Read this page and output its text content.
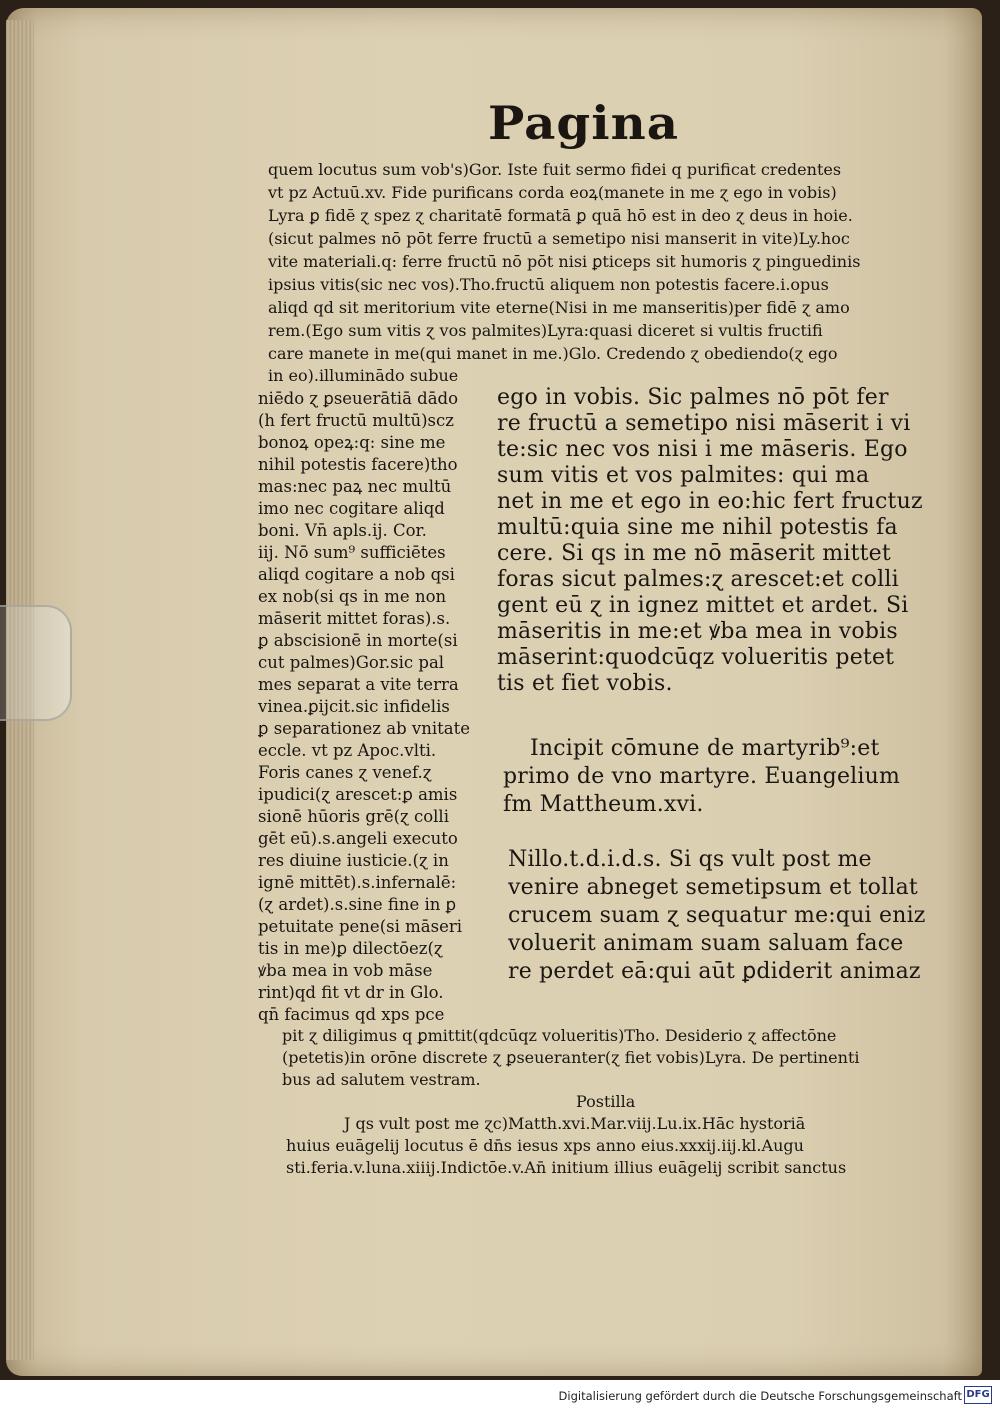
Pagina
quem locutus sum vob's)Gor. Iste fuit sermo fidei q purificat credentes
vt pz Actuū.xv. Fide purificans corda eoꝝ(manete in me ɀ ego in vobis)
Lyra ꝑ fidē ɀ spez ɀ charitatē formatā ꝑ quā hō est in deo ɀ deus in hoie.
(sicut palmes nō pōt ferre fructū a semetipo nisi manserit in vite)Ly.hoc
vite materiali.q: ferre fructū nō pōt nisi ꝑticeps sit humoris ɀ pinguedinis
ipsius vitis(sic nec vos).Tho.fructū aliquem non potestis facere.i.opus
aliqd qd sit meritorium vite eterne(Nisi in me manseritis)per fidē ɀ amo
rem.(Ego sum vitis ɀ vos palmites)Lyra:quasi diceret si vultis fructifi
care manete in me(qui manet in me.)Glo. Credendo ɀ obediendo(ɀ ego
in eo).illuminādo subue
niēdo ɀ ꝑseuerātiā dādo
(h fert fructū multū)scz
bonoꝝ opeꝝ:q: sine me
nihil potestis facere)tho
mas:nec paꝝ nec multū
imo nec cogitare aliqd
boni. Vn̄ apls.ij. Cor.
iij. Nō sum⁹ sufficiētes
aliqd cogitare a nob qsi
ex nob(si qs in me non
māserit mittet foras).s.
ꝑ abscisionē in morte(si
cut palmes)Gor.sic pal
mes separat a vite terra
vinea.ꝑijcit.sic infidelis
ꝑ separationez ab vnitate
eccle. vt pz Apoc.vlti.
Foris canes ɀ venef.ɀ
ipudici(ɀ arescet:ꝑ amis
sionē hūoris grē(ɀ colli
gēt eū).s.angeli executo
res diuine iusticie.(ɀ in
ignē mittēt).s.infernalē:
(ɀ ardet).s.sine fine in ꝑ
petuitate pene(si māseri
tis in me)ꝑ dilectōez(ɀ
ꝟba mea in vob māse
rint)qd fit vt dr in Glo.
qn̄ facimus qd xps pce
ego in vobis. Sic palmes nō pōt fer
re fructū a semetipo nisi māserit i vi
te:sic nec vos nisi i me māseris. Ego
sum vitis et vos palmites: qui ma
net in me et ego in eo:hic fert fructuz
multū:quia sine me nihil potestis fa
cere. Si qs in me nō māserit mittet
foras sicut palmes:ɀ arescet:et colli
gent eū ɀ in ignez mittet et ardet. Si
māseritis in me:et ꝟba mea in vobis
māserint:quodcūqz volueritis petet
tis et fiet vobis.
Incipit cōmune de martyrib⁹:et
primo de vno martyre. Euangelium
fm Mattheum.xvi.
Nillo.t.d.i.d.s. Si qs vult post me
venire abneget semetipsum et tollat
crucem suam ɀ sequatur me:qui eniz
voluerit animam suam saluam face
re perdet eā:qui aūt ꝑdiderit animaz
pit ɀ diligimus q ꝑmittit(qdcūqz volueritis)Tho. Desiderio ɀ affectōne
(petetis)in orōne discrete ɀ ꝑseueranter(ɀ fiet vobis)Lyra. De pertinenti
bus ad salutem vestram.
Postilla
J qs vult post me ɀc)Matth.xvi.Mar.viij.Lu.ix.Hāc hystoriā
huius euāgelij locutus ē dn̄s iesus xps anno eius.xxxij.iij.kl.Augu
sti.feria.v.luna.xiiij.Indictōe.v.An̄ initium illius euāgelij scribit sanctus
Digitalisierung gefördert durch die Deutsche Forschungsgemeinschaft DFG
